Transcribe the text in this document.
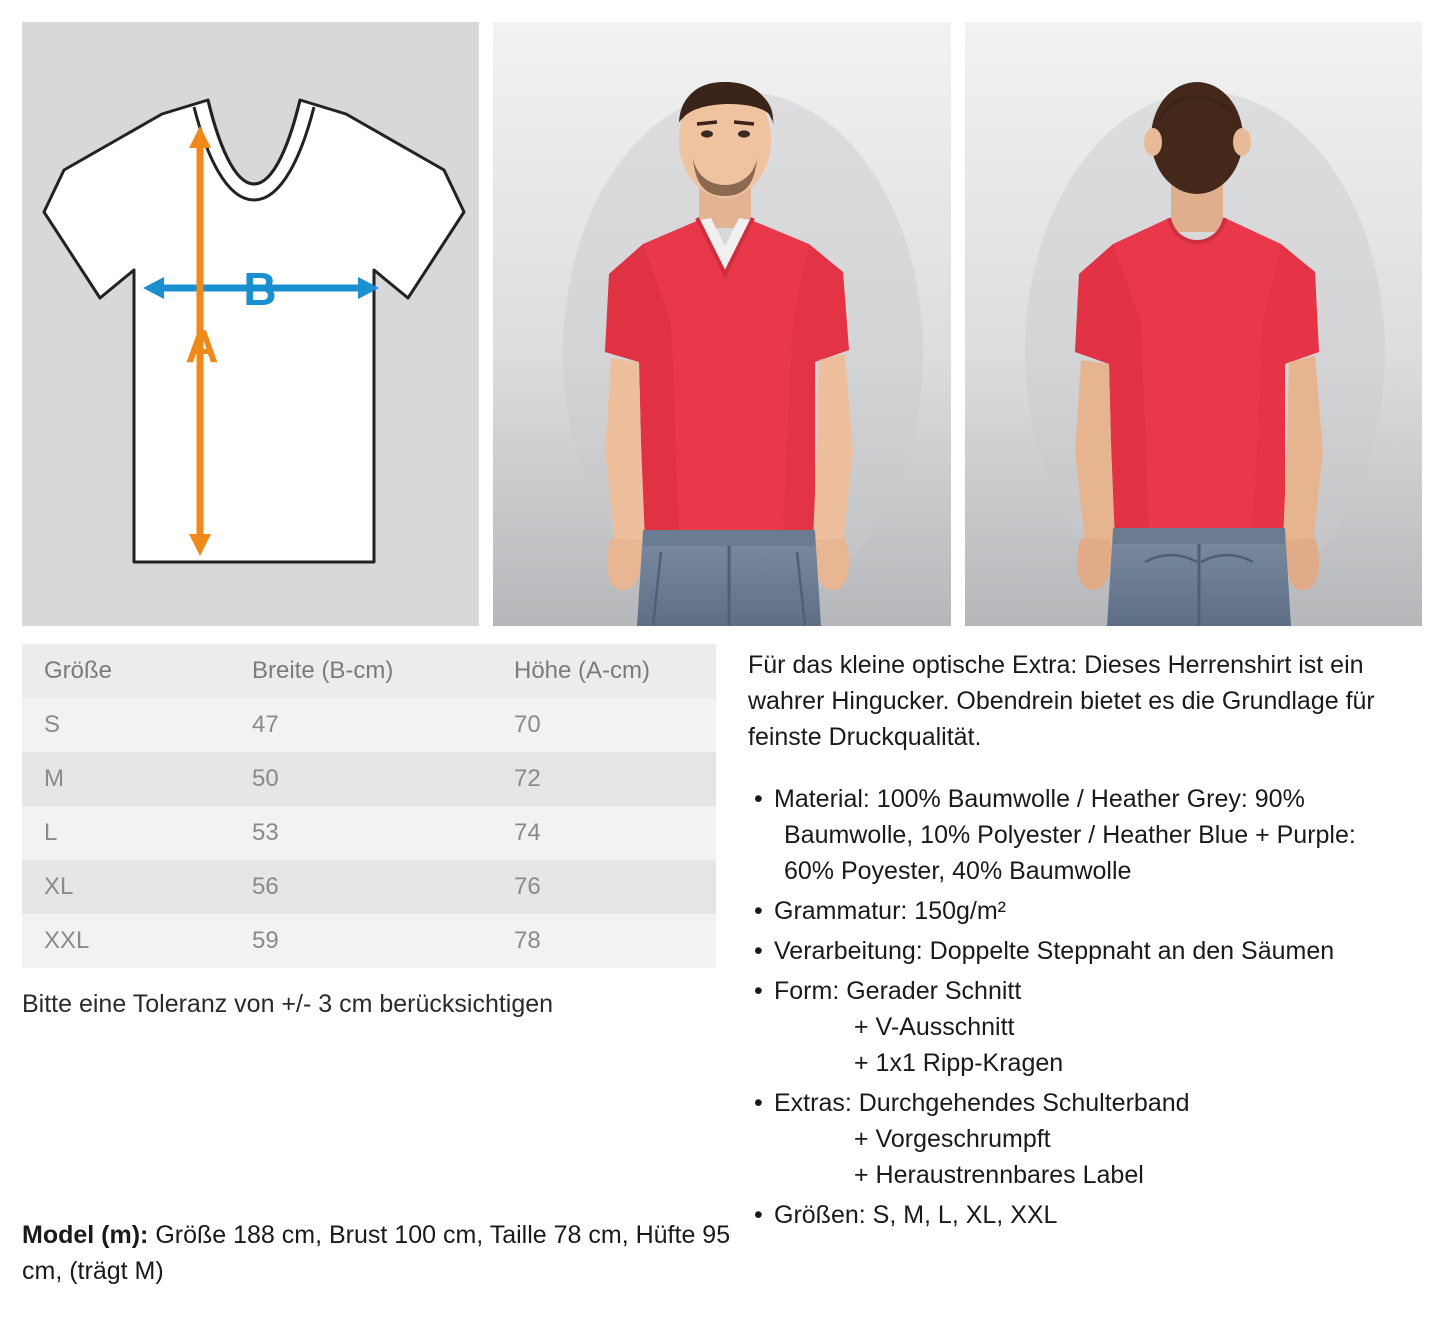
B
A
Größe	Breite (B-cm)	Höhe (A-cm)
S	47	70
M	50	72
L	53	74
XL	56	76
XXL	59	78
Bitte eine Toleranz von +/- 3 cm berücksichtigen

Für das kleine optische Extra: Dieses Herrenshirt ist ein wahrer Hingucker. Obendrein bietet es die Grundlage für feinste Druckqualität.

• Material: 100% Baumwolle / Heather Grey: 90%
Baumwolle, 10% Polyester / Heather Blue + Purple:
60% Poyester, 40% Baumwolle
• Grammatur: 150g/m²
• Verarbeitung: Doppelte Steppnaht an den Säumen
• Form: Gerader Schnitt
+ V-Ausschnitt
+ 1x1 Ripp-Kragen
• Extras: Durchgehendes Schulterband
+ Vorgeschrumpft
+ Heraustrennbares Label
• Größen: S, M, L, XL, XXL
Model (m): Größe 188 cm, Brust 100 cm, Taille 78 cm, Hüfte 95 cm, (trägt M)
